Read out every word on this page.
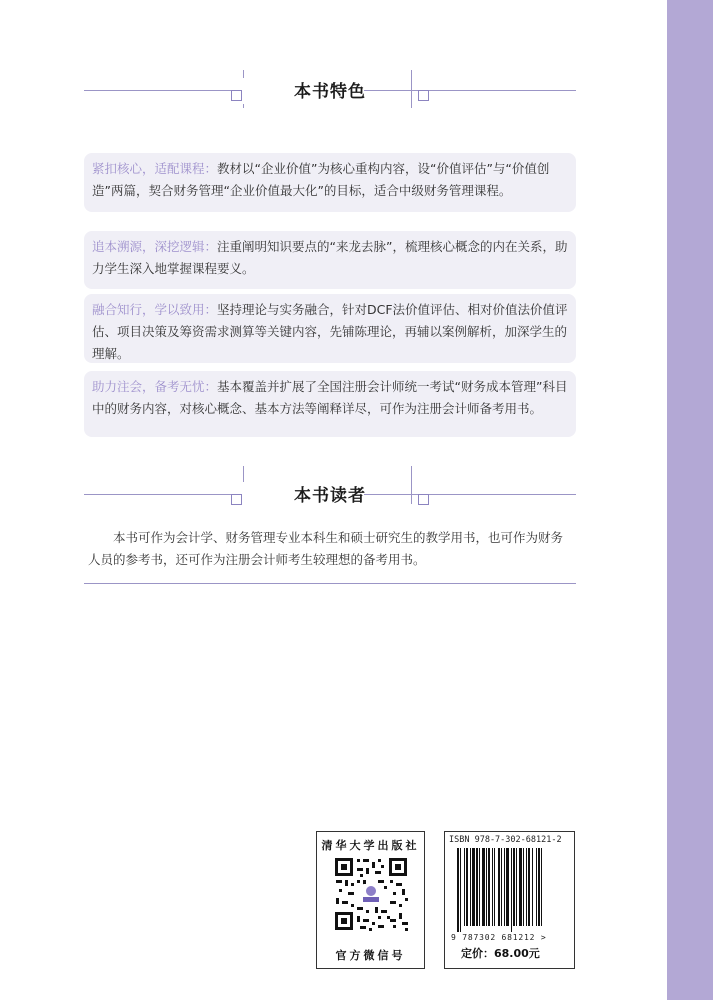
本书特色
紧扣核心，适配课程：教材以“企业价值”为核心重构内容，设“价值评估”与“价值创造”两篇，契合财务管理“企业价值最大化”的目标，适合中级财务管理课程。
追本溯源，深挖逻辑：注重阐明知识要点的“来龙去脉”，梳理核心概念的内在关系，助力学生深入地掌握课程要义。
融合知行，学以致用：坚持理论与实务融合，针对DCF法价值评估、相对价值法价值评估、项目决策及筹资需求测算等关键内容，先铺陈理论，再辅以案例解析，加深学生的理解。
助力注会，备考无忧：基本覆盖并扩展了全国注册会计师统一考试“财务成本管理”科目中的财务内容，对核心概念、基本方法等阐释详尽，可作为注册会计师备考用书。
本书读者
本书可作为会计学、财务管理专业本科生和硕士研究生的教学用书，也可作为财务人员的参考书，还可作为注册会计师考生较理想的备考用书。
清华大学出版社
官方微信号
ISBN 978-7-302-68121-2
9 787302 681212 >
定价：68.00元
